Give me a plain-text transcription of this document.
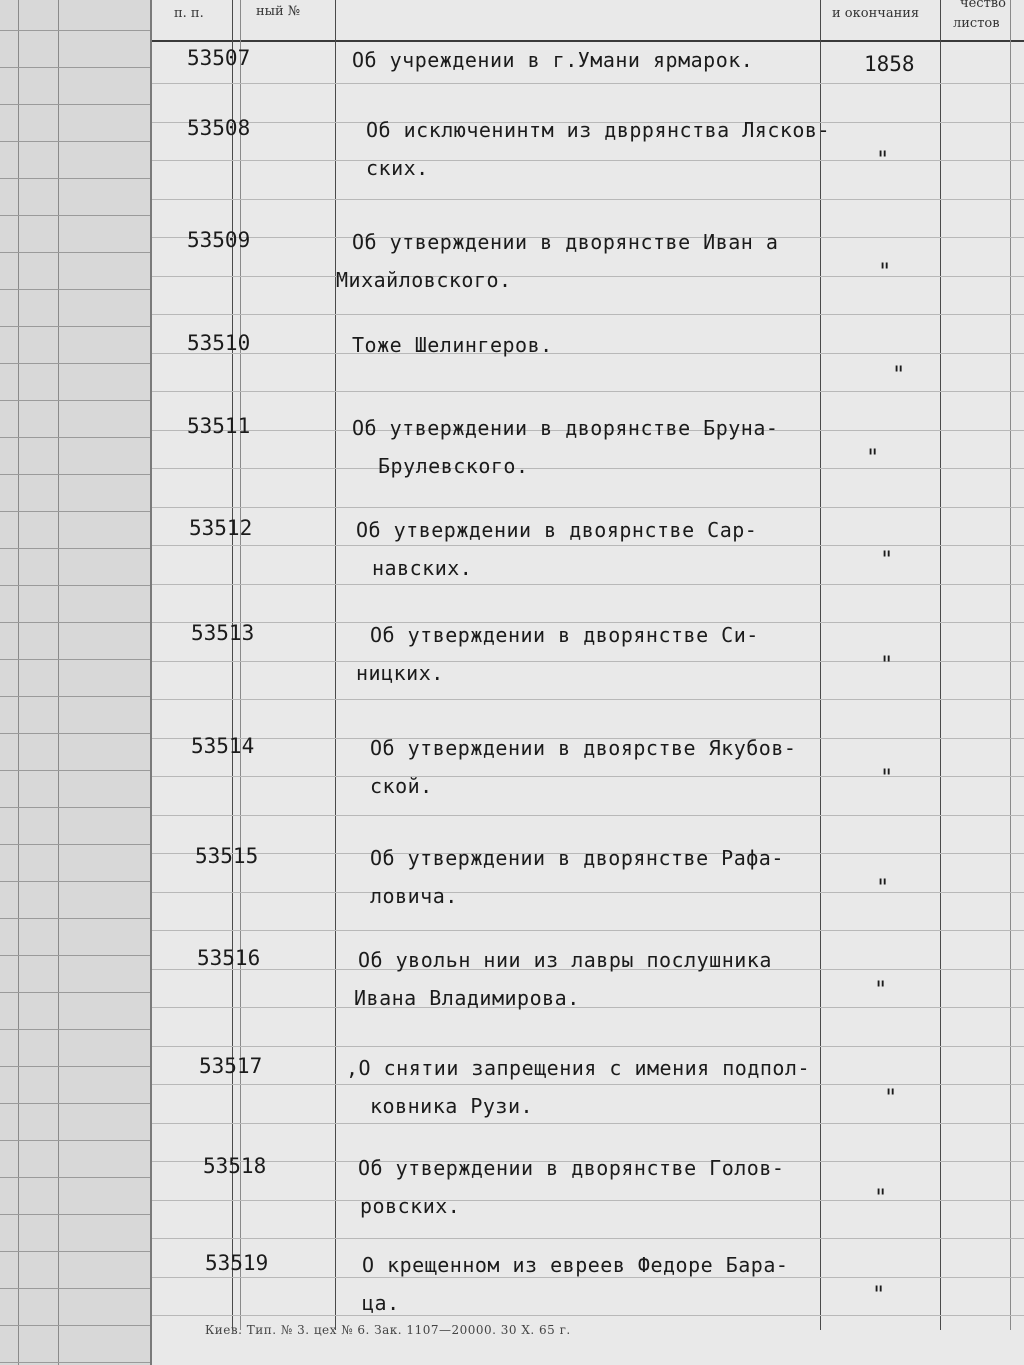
п. п.	ный №	и окончания
чество
листов
53507	Об учреждении в г.Умани ярмарок.	1858
53508	Об исключенинтм из двррянства Ляскoв-
ских.	"
53509	Об утверждении в дворянстве Иван а
Михайловского.	"
53510	Тоже Шелингеров.
"
53511	Об утверждении в дворянстве Бруна-
Брулевского.	"
53512	Об утверждении в двоярнстве Сар-
навских.	"
53513	Об утверждении в дворянстве Си-
ницких.	"
53514	Об утверждении в двоярстве Якубов-
ской.	"
53515	Об утверждении в дворянстве Рафа-
ловича.	"
53516	Об увольн нии из лавры послушника
Ивана Владимирова.	"
53517	,О снятии запрещения с имения подпол-
ковника Рузи.	"
53518	Об утверждении в двоpянстве Голов-
ровских.	"
53519	О крещенном из евреев Федоре Бара-
ца.	"
Киев. Тип. № 3. цех № 6. Зак. 1107—20000. 30 X. 65 г.
